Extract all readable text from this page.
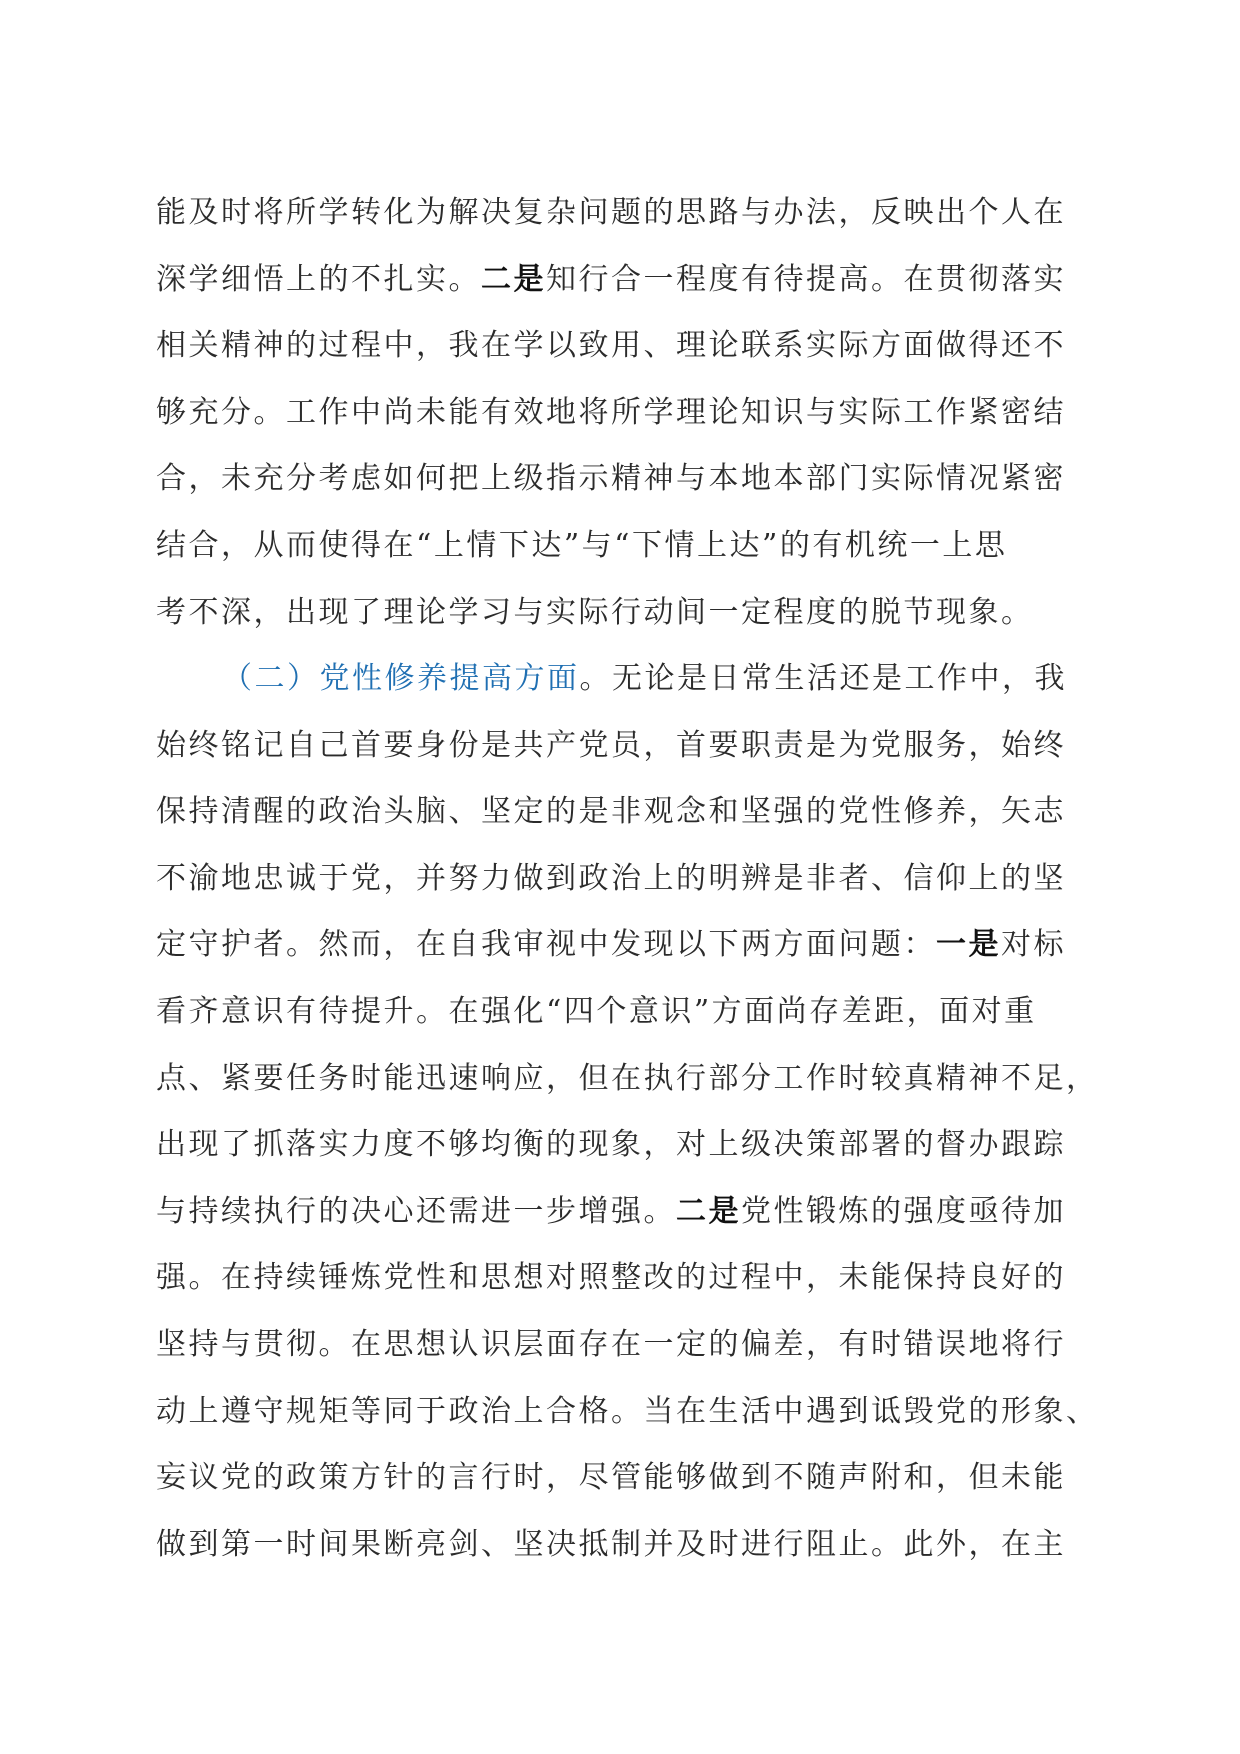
能及时将所学转化为解决复杂问题的思路与办法，反映出个人在
深学细悟上的不扎实。二是知行合一程度有待提高。在贯彻落实
相关精神的过程中，我在学以致用、理论联系实际方面做得还不
够充分。工作中尚未能有效地将所学理论知识与实际工作紧密结
合，未充分考虑如何把上级指示精神与本地本部门实际情况紧密
结合，从而使得在“上情下达”与“下情上达”的有机统一上思
考不深，出现了理论学习与实际行动间一定程度的脱节现象。
（二）党性修养提高方面。无论是日常生活还是工作中，我
始终铭记自己首要身份是共产党员，首要职责是为党服务，始终
保持清醒的政治头脑、坚定的是非观念和坚强的党性修养，矢志
不渝地忠诚于党，并努力做到政治上的明辨是非者、信仰上的坚
定守护者。然而，在自我审视中发现以下两方面问题：一是对标
看齐意识有待提升。在强化“四个意识”方面尚存差距，面对重
点、紧要任务时能迅速响应，但在执行部分工作时较真精神不足，
出现了抓落实力度不够均衡的现象，对上级决策部署的督办跟踪
与持续执行的决心还需进一步增强。二是党性锻炼的强度亟待加
强。在持续锤炼党性和思想对照整改的过程中，未能保持良好的
坚持与贯彻。在思想认识层面存在一定的偏差，有时错误地将行
动上遵守规矩等同于政治上合格。当在生活中遇到诋毁党的形象、
妄议党的政策方针的言行时，尽管能够做到不随声附和，但未能
做到第一时间果断亮剑、坚决抵制并及时进行阻止。此外，在主
